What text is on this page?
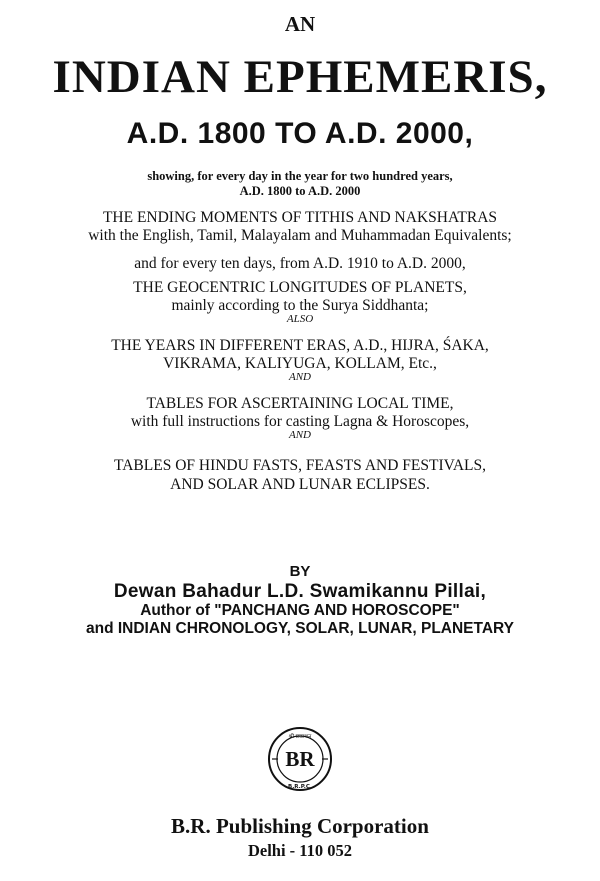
AN
INDIAN EPHEMERIS,
A.D. 1800 TO A.D. 2000,
showing, for every day in the year for two hundred years,
A.D. 1800 to A.D. 2000
THE ENDING MOMENTS OF TITHIS AND NAKSHATRAS
with the English, Tamil, Malayalam and Muhammadan Equivalents;
and for every ten days, from A.D. 1910 to A.D. 2000,
THE GEOCENTRIC LONGITUDES OF PLANETS,
mainly according to the Surya Siddhanta;
ALSO
THE YEARS IN DIFFERENT ERAS, A.D., HIJRA, ŚAKA,
VIKRAMA, KALIYUGA, KOLLAM, Etc.,
AND
TABLES FOR ASCERTAINING LOCAL TIME,
with full instructions for casting Lagna & Horoscopes,
AND
TABLES OF HINDU FASTS, FEASTS AND FESTIVALS,
AND SOLAR AND LUNAR ECLIPSES.
BY
Dewan Bahadur L.D. Swamikannu Pillai,
Author of "PANCHANG AND HOROSCOPE"
and INDIAN CHRONOLOGY, SOLAR, LUNAR, PLANETARY
श्री प्रकाशन
BR
B.R.P.C.
B.R. Publishing Corporation
Delhi - 110 052
